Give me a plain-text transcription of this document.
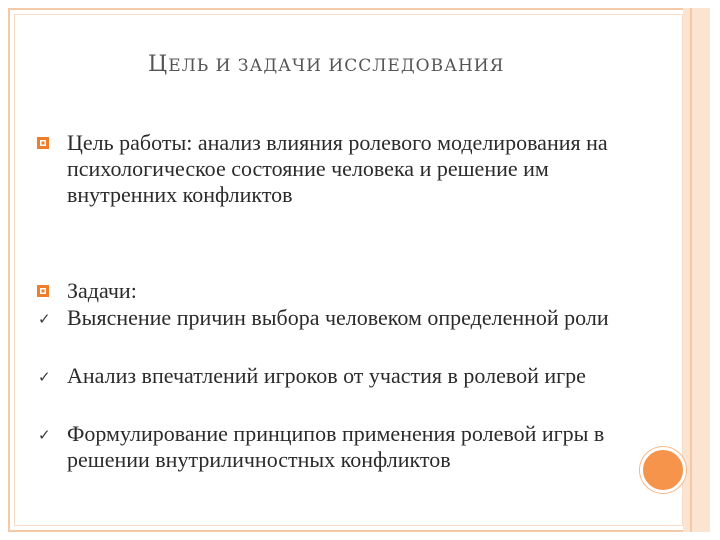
ЦЕЛЬ И ЗАДАЧИ ИССЛЕДОВАНИЯ
Цель работы: анализ влияния ролевого моделирования на психологическое состояние человека и решение им внутренних конфликтов
Задачи:
✓ Выяснение причин выбора человеком определенной роли
✓ Анализ впечатлений игроков от участия в ролевой игре
✓ Формулирование принципов применения ролевой игры в решении внутриличностных конфликтов
